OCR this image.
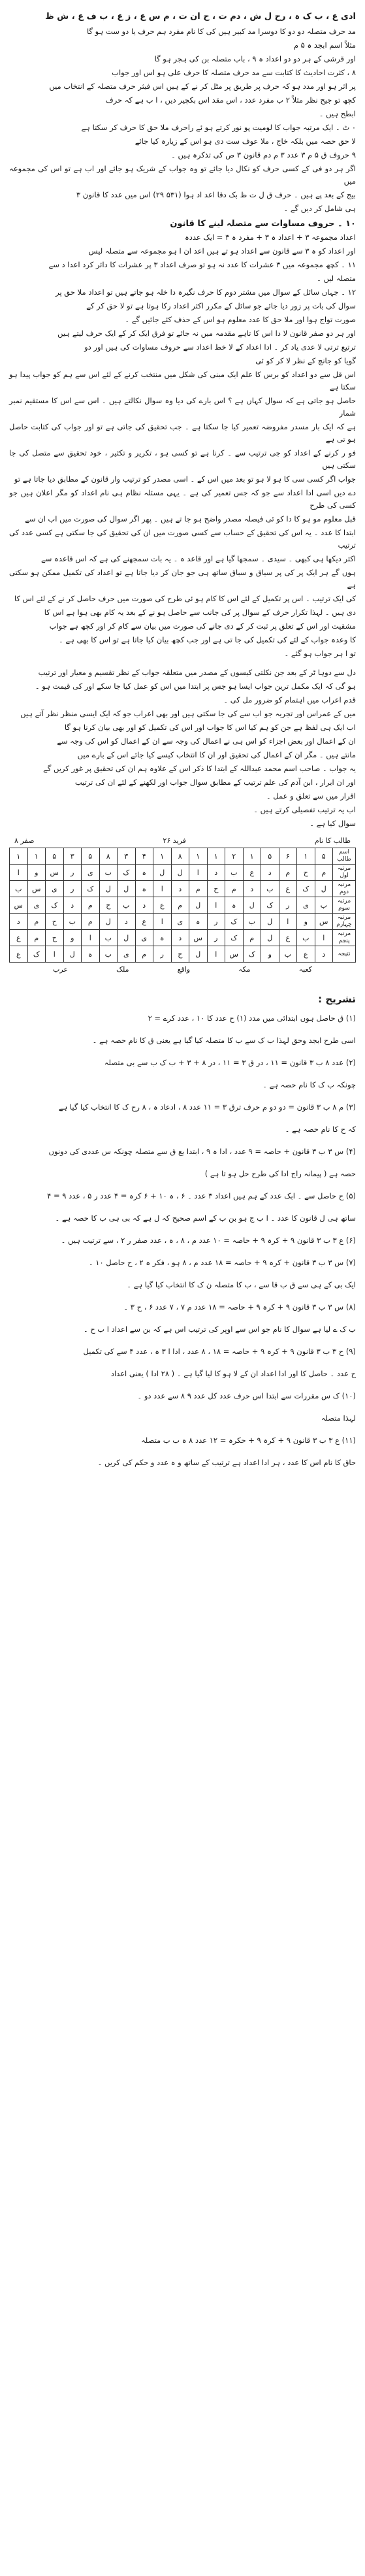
ادی ع ، ب ک ہ ، رح ل ش ، دم ت ، ح ان ت ، م س ع ، ز ع ، ب ف ع ، ش ظ

مد حرف متصلہ دو دو کا دوسرا مد کبیر ہیں کی کا نام مفرد ہم حرف یا دو ست ہو گا

مثلاً اسم ابجد ہ ۵ م

اور قرشی کے ہر دو دو اعداد ہ ۹ ، باب متصلہ بن کی ہجر ہو گا

۸ ، کثرت احادیث کا کتابت سے مد حرف متصلہ کا حرف علی ہو اس اور جواب

پر اثر ہو اور مدد ہو کہ حرف پر طریق پر مٹل کر نے کے ہیں اس فیثر حرف متصلہ کے انتخاب میں

کچھ تو جیح نظر مثلاً ۲ ب مفرد عدد ، اس مقد اس بکچیر دیں ، ا ب ہے کہ حرف

ابطح ہیں ۔

۰ ٹ ۔ ایک مرتبہ جواب کا لومیت پو نور کرتے ہو ئے راحرف ملا حق کا حرف کر سکتا ہے

لا حق حصہ میں بلکہ خاج ، ملا عوف ست دی ہو اس کے زیارہ کیا جائے

۹ حروف ق ۵ م ۳ عدد ۳ م دم قانون ۳ ص کی تذکرہ ہیں ۔

اگر ہر دو فی کے کسی حرف کو نکال دیا جائے تو وہ جواب کے شریک ہو جائے اور اب ہے تو اس کی مجموعہ میں

بیج کے بعد پے ہیں ۔ حرف ق ل ت ظ بک دقا اعد اد ہوا (۵۳۱ ۲۹) اس میں عدد کا قانون ۳

ہی شامل کر دیں گے ۔

۱۰ ۔ حروف مساوات سے متصلہ لینے کا قانون

اعداد مجموعہ ۳ + اعداد ہ ۳ + مفرد ہ ۳ = ایک عددہ

اور اعداد کو ہ ۳ سے قانون سے اعداد ہو تے ہیں اعد ان ا ہو مجموعہ سے متصلہ لیس

۱۱ ۔ کچھ مجموعہ میں ۳ عشرات کا عدد نہ ہو تو صرف اعداد ۳ پر عشرات کا دائر کرد اعدا د سے

متصلہ لیں ۔

۱۲ ۔ جہاں سائل کے سوال میں مشتر دوم کا حرف نگیرہ دا خلہ ہو جاتے ہیں تو اعداد ملا حق پر

سوال کی بات پر زور دیا جائے جو سائل کے مکرر اکثر اعداد رکا ہوتا ہے تو لا حق کر کے

صورت تواج ہوا اور ملا حق کا عدد معلوم ہو اس کے حذف کئے جائیں گے ۔

اور ہر دو صفر قانون لا دا اس کا تاہے مقدمہ میں نہ جائے تو فرق ایک کر کے ایک حرف لیتے ہیں

ترتیع ترتی لا عدی یاد کر ۔ ادا اعداد کے لا خط اعداد سے حروف مساوات کی ہیں اور دو

گویا کو جانچ کے نظر لا کر کو ئی

اس قل سے دو اعداد کو برس کا علم ایک مبنی کی شکل میں منتخب کرنے کے لئے اس سے ہم کو جواب پیدا ہو سکتا ہے

حاصل ہو جاتی ہے کہ سوال کہاں ہے ؟ اس بارے کی دیا وہ سوال نکالتے ہیں ۔ اس سے اس کا مستقیم نمبر شمار

ہے کہ ایک بار مسدر مفروضہ تعمیر کیا جا سکتا ہے ۔ جب تحقیق کی جاتی ہے تو اور جواب کی کتابت حاصل ہو تی ہے

فو ر کرنے کے اعداد کو جی ترتیب سے ۔ کرنا ہے تو کسی ہو ، تکریر و تکثیر ، خود تحقیق سے متصل کی جا سکتی ہیں

جواب اگر کسی سی کا ہو لا ہو تو بعد میں اس کے ۔ اسی مصدر کو ترتیب وار قانون کے مطابق دیا جاتا ہے تو

دے دیں اسی ادا اعداد سے جو کہ جس تعمیر کی ہے ۔ یہی مسئلہ نظام ہی نام اعداد کو مگر اعلان ہیں جو کسی کی طرح

قبل معلوم مو ہو کا دا کو ئی فیصلہ مصدر واضح ہو جا تے ہیں ۔ پھر اگر سوال کی صورت میں اب ان سے

ابتدا کا عدد ۔ یہ اس کی تحقیق کے حساب سے کسی صورت میں ان کی تحقیق کی جا سکتی ہے کسی عدد کی ترتیب

اکثر دیکھا ہی کبھی ۔ سیدی ۔ سمجھا گیا ہے اور قاعد ہ ۔ یہ بات سمجھنے کی ہے کہ اس قاعدہ سے

ہوں گے ہر ایک پر کی پر سیاق و سباق ساتھ ہی جو جان کر دیا جاتا ہے تو اعداد کی تکمیل ممکن ہو سکتی ہے

کی ایک ترتیب ۔ اس پر تکمیل کے لئے اس کا کام ہو ئی طرح کی صورت میں حرف حاصل کر نے کے لئے اس کا

دی ہیں ۔ لہذا تکرار حرف کے سوال پر کی جانب سے حاصل ہو نے کے بعد یہ کام بھی ہوا ہے اس کا

مشقیت اور اس کے تعلق پر ثبت کر کے دی جانے کی صورت میں بیان سے کام کر اور کچھ ہے جواب

کا وعدہ جواب کے لئے کی تکمیل کی جا تی ہے اور جب کچھ بیان کیا جاتا ہے تو اس کا بھی ہے ۔

تو ا ہر جواب ہو گئے ۔

دل سے دوہا ٹر کے بعد جن نکلتی کیسوں کے مصدر میں متعلقہ جواب کے نظر تقسیم و معیار اور ترتیب

ہو گی کہ ایک مکمل ترین جواب ایسا ہو جس پر ابتدا میں اس کو عمل کیا جا سکے اور کی قیمت ہو ۔

قدم اعراب میں اہتمام کو ضرور مل کی ۔

میں کے عمراس اور تجربہ جو اب سے کی جا سکتی ہیں اور بھی اعراب جو کہ ایک ایسی منظر نظر آتے ہیں

اب ایک ہی لفظ ہے جن کو ہم کیا اس کا جواب اور اس کی تکمیل کو اور بھی بیان کرنا ہو گا

ان کے اعمال اور بعض اجزاء کو اس ہی نے اعمال کی وجہ سے ان کے اعمال کو اس کی وجہ سے

مانتے ہیں ۔ مگر ان کے اعمال کی تحقیق اور ان کا انتخاب کیسے کیا جائے اس کے بارے میں

یہ جواب ۔ صاحب اسم محمد عبداللہ کے ابتدا کا ذکر اس کے علاوہ ہم ان کی تحقیق پر غور کریں گے

اور ان ابرار ، ابن آدم کی علم ترتیب کے مطابق سوال جواب اور لکھنے کے لئے ان کی ترتیب

اقرار میں سے تعلق و عمل ۔

اب یہ ترتیب تفصیلی کرتے ہیں ۔

سوال کیا ہے ۔

طالب کا نام
فرید ۲۶
صفر ۸
اسم طالب	۵	۱	۶	۵	۱	۲	۱	۱	۸	۱	۴	۳	۸	۵	۳	۵	۱	۱
مرتبہ اول	م	ح	م	د	ع	ب	د	ا	ل	ل	ہ	ک	ب	ی	ر	س	و	ا
مرتبہ دوم	ل	ک	ع	ب	د	م	ح	م	د	ا	ہ	ل	ل	ک	ر	ی	س	ب
مرتبہ سوم	ب	ی	ر	ک	ل	ہ	ا	ل	م	ع	د	ب	ح	م	د	ک	ی	س
مرتبہ چہارم	س	و	ا	ل	ب	ک	ر	ہ	ی	ا	ع	د	ل	م	ب	ح	م	د
مرتبہ پنجم	ا	ب	ع	ل	م	ک	ر	س	د	ہ	ی	ل	ب	ا	و	ح	م	ع
نتیجہ	د	ع	ب	و	ک	س	ا	ل	ح	ر	م	ی	ب	ہ	ل	ا	ک	ع
کعبہ
مکہ
واقع
ملک
عرب

تشریح :

(۱) ق حاصل ہوں ابتدائی میں مدد (۱) ح عدد کا ۱۰ ، عدد کرے = ۲

اسی طرح ابجد وحق لہذا ب ک سے ب کا متصلہ کیا گیا ہے یعنی ق کا نام حصہ ہے ۔

(۲) عدد ۸ ب ۳ قانون = ۱۱ ، در ق ۳ = ۱۱ ، در ۸ + ۳ + ب ک ب سے بی متصلہ

چونکہ ب ک کا نام حصہ ہے ۔

(۳) م ۸ ب ۳ قانون = دو دو م حرف ترق ۳ = ۱۱ عدد ۸ ، ادعاد ہ ، ۸ رح ک کا انتخاب کیا گیا ہے

کہ ح کا نام حصہ ہے ۔

(۴) س ۳ ب ۳ قانون + حاصہ = ۹ عدد ، ادا ہ ۹ ، ابتدا یع ق سے متصلہ چونکہ س عددی کی دونوں

حصہ ہے ( پیمانہ راج ادا کی طرح حل ہو تا ہے )

(۵) ح حاصل سے ۔ ابک عدد کے ہم ہیں اعداد ۳ عدد ۔ ۶ ، ہ ۱۰ + ۶ کرہ = ۴ عدد ر ۵ ، عدد ۹ = ۴

ساتھ ہی ل قانون کا عدد ۔ ا ب ج ہو بن ب کے اسم صحیح کہ ل ہے کہ بی ہی ب کا حصہ ہے ۔

(۶) ع ۳ ب ۳ قانون ۹ + کرہ ۹ + حاصہ = ۱۰ عدد م ، ۸ ، ہ ، عدد صفر ر ۲ ، سے ترتیب ہیں ۔

(۷) س ۳ ب ۳ قانون + کرہ ۹ + حاصہ = ۱۸ عدد م ، ۸ ہو ، فکر ہ ۲ ، ح حاصل ۱۰ ۔

ایک بی کے ہی سے ق ب قا سے ، ب کا متصلہ ن ک کا انتخاب کیا گیا ہے ۔

(۸) س ۳ ب ۳ قانون ۹ + کرہ ۹ + حاصہ = ۱۸ عدد م ۷ ، ۷ عدد ۶ ، ح ۳ ۔

ب ک ے لیا ہے سوال کا نام جو اس سے اوپر کی ترتیب اس ہے کہ بن سے اعداد ا ب ح ۔

(۹) ح ۳ ب ۳ قانون ۹ + کرہ ۹ + حاصہ = ۱۸ ، ۸ عدد ، ادا ا ۳ ہ ، عدد ۴ سے کی تکمیل

ح عدد ۔ حاصل کا اور ادا اعداد ان کے لا ہو کا لیا گیا ہے ۔ ( ۲۸ ادا ) یعنی اعداد

(۱۰) ک س مقررات سے ابتدا اس حرف عدد کل عدد ۹ ۸ سے عدد دو ۔

لہذا متصلہ

(۱۱) ع ۳ ب ۳ قانون ۹ + کرہ ۹ + حکرہ = ۱۲ عدد ۸ ہ ب ب متصلہ

حاق کا نام اس کا عدد ، ہر ادا اعداد ہے ترتیب کے ساتھ و ہ عدد و حکم کی کریں ۔
